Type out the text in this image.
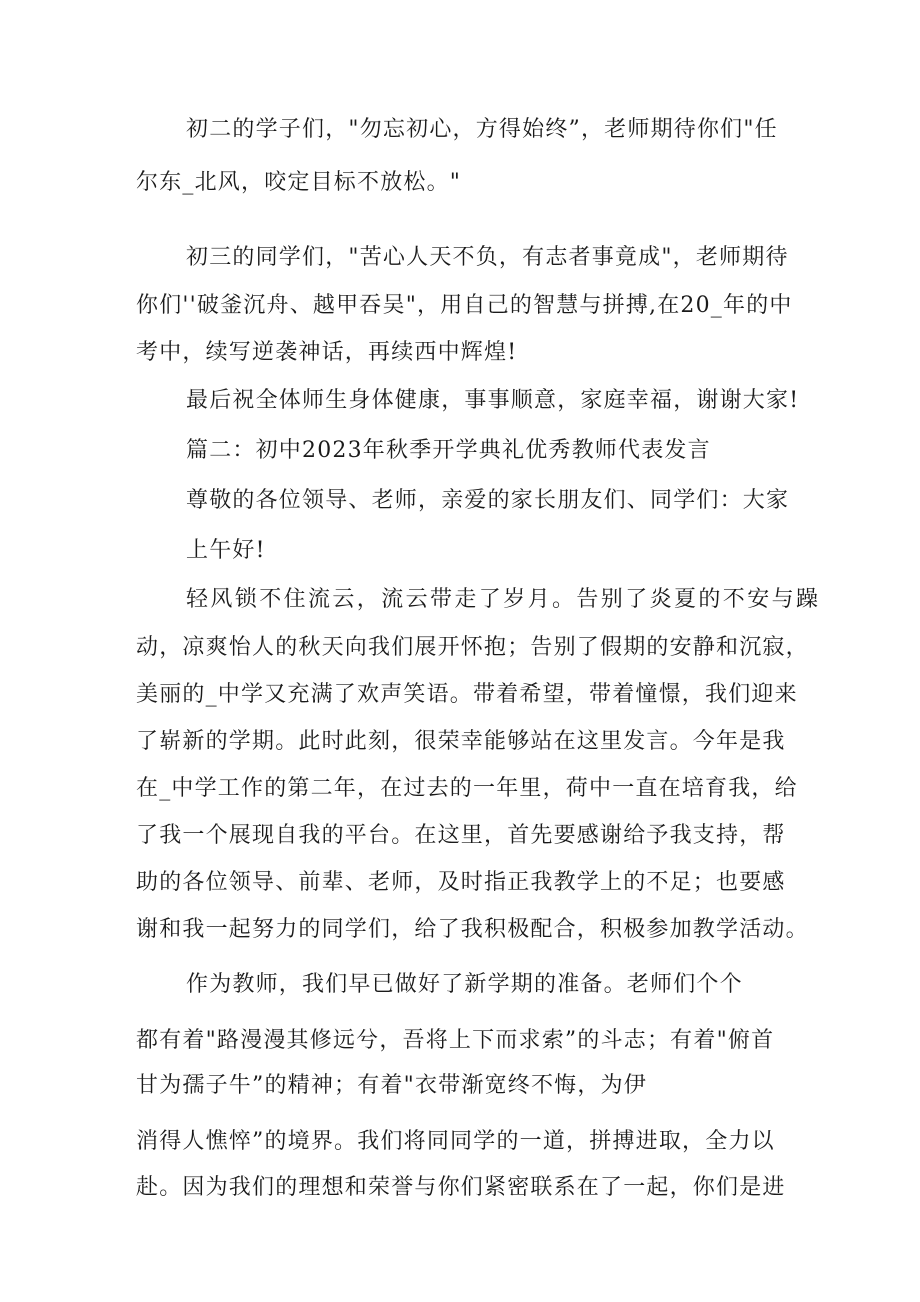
初二的学子们，"勿忘初心，方得始终”，老师期待你们"任

尔东_北风，咬定目标不放松。"

初三的同学们，"苦心人天不负，有志者事竟成"，老师期待

你们''破釜沉舟、越甲吞吴"，用自己的智慧与拼搏,在20_年的中

考中，续写逆袭神话，再续西中辉煌!

最后祝全体师生身体健康，事事顺意，家庭幸福，谢谢大家!

篇二：初中2023年秋季开学典礼优秀教师代表发言

尊敬的各位领导、老师，亲爱的家长朋友们、同学们：大家

上午好!

轻风锁不住流云，流云带走了岁月。告别了炎夏的不安与躁

动，凉爽怡人的秋天向我们展开怀抱；告别了假期的安静和沉寂，

美丽的_中学又充满了欢声笑语。带着希望，带着憧憬，我们迎来

了崭新的学期。此时此刻，很荣幸能够站在这里发言。今年是我

在_中学工作的第二年，在过去的一年里，荷中一直在培育我，给

了我一个展现自我的平台。在这里，首先要感谢给予我支持，帮

助的各位领导、前辈、老师，及时指正我教学上的不足；也要感

谢和我一起努力的同学们，给了我积极配合，积极参加教学活动。

作为教师，我们早已做好了新学期的准备。老师们个个

都有着"路漫漫其修远兮，吾将上下而求索”的斗志；有着"俯首

甘为孺子牛”的精神；有着"衣带渐宽终不悔，为伊

消得人憔悴”的境界。我们将同同学的一道，拼搏进取，全力以

赴。因为我们的理想和荣誉与你们紧密联系在了一起，你们是进
